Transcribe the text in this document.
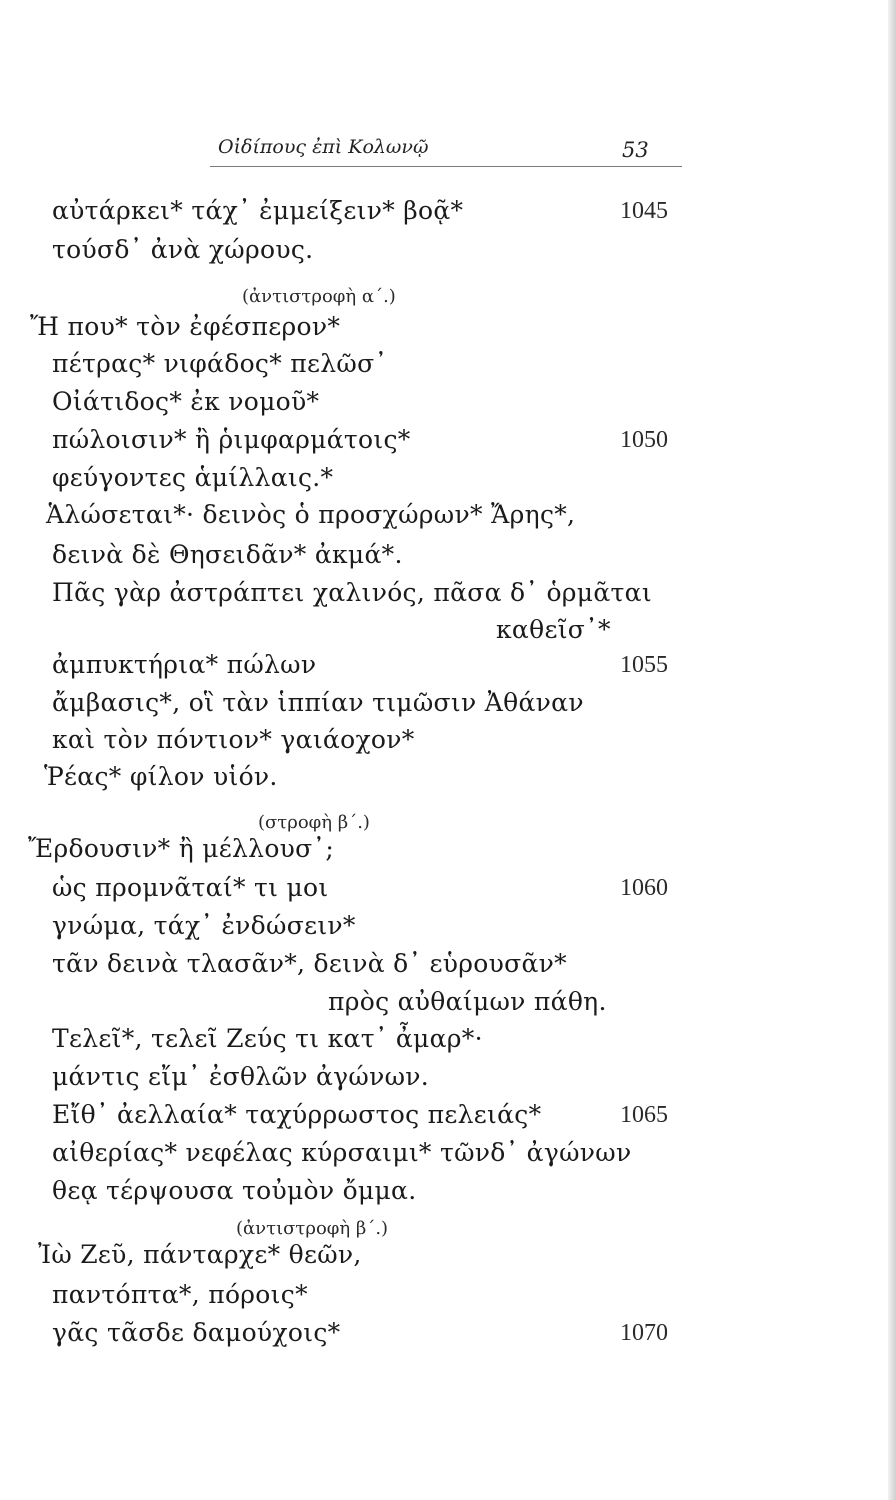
Οἰδίπους ἐπὶ Κολωνῷ	53
αὐτάρκει* τάχ᾽ ἐμμείξειν* βοᾷ*	1045
τούσδ᾽ ἀνὰ χώρους.
(ἀντιστροφὴ α΄.)
Ἤ που* τὸν ἐφέσπερον*
πέτρας* νιφάδος* πελῶσ᾽
Οἰάτιδος* ἐκ νομοῦ*
πώλοισιν* ἢ ῥιμφαρμάτοις*	1050
φεύγοντες ἁμίλλαις.*
Ἁλώσεται*· δεινὸς ὁ προσχώρων* Ἄρης*,
δεινὰ δὲ Θησειδᾶν* ἀκμά*.
Πᾶς γὰρ ἀστράπτει χαλινός, πᾶσα δ᾽ ὁρμᾶται
καθεῖσ᾽*
ἀμπυκτήρια* πώλων	1055
ἄμβασις*, οἳ τὰν ἱππίαν τιμῶσιν Ἀθάναν
καὶ τὸν πόντιον* γαιάοχον*
Ῥέας* φίλον υἱόν.
(στροφὴ β΄.)
Ἔρδουσιν* ἢ μέλλουσ᾽;
ὡς προμνᾶταί* τι μοι	1060
γνώμα, τάχ᾽ ἐνδώσειν*
τᾶν δεινὰ τλασᾶν*, δεινὰ δ᾽ εὑρουσᾶν*
πρὸς αὐθαίμων πάθη.
Τελεῖ*, τελεῖ Ζεύς τι κατ᾽ ἆμαρ*·
μάντις εἴμ᾽ ἐσθλῶν ἀγώνων.
Εἴθ᾽ ἀελλαία* ταχύρρωστος πελειάς*	1065
αἰθερίας* νεφέλας κύρσαιμι* τῶνδ᾽ ἀγώνων
θεᾳ τέρψουσα τοὐμὸν ὄμμα.
(ἀντιστροφὴ β΄.)
Ἰὼ Ζεῦ, πάνταρχε* θεῶν,
παντόπτα*, πόροις*
γᾶς τᾶσδε δαμούχοις*	1070
